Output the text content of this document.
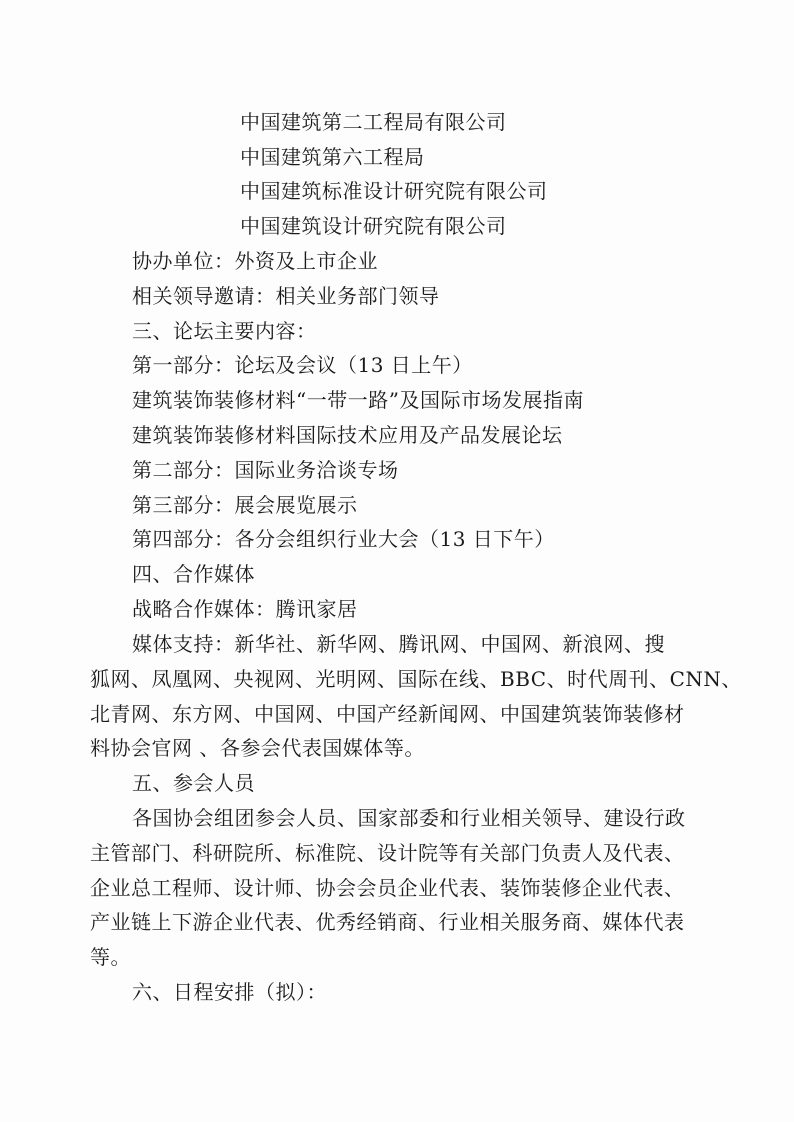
中国建筑第二工程局有限公司
中国建筑第六工程局
中国建筑标准设计研究院有限公司
中国建筑设计研究院有限公司
协办单位：外资及上市企业
相关领导邀请：相关业务部门领导
三、论坛主要内容：
第一部分：论坛及会议（13 日上午）
建筑装饰装修材料“一带一路”及国际市场发展指南
建筑装饰装修材料国际技术应用及产品发展论坛
第二部分：国际业务洽谈专场
第三部分：展会展览展示
第四部分：各分会组织行业大会（13 日下午）
四、合作媒体
战略合作媒体：腾讯家居
媒体支持：新华社、新华网、腾讯网、中国网、新浪网、搜
狐网、凤凰网、央视网、光明网、国际在线、BBC、时代周刊、CNN、
北青网、东方网、中国网、中国产经新闻网、中国建筑装饰装修材
料协会官网 、各参会代表国媒体等。
五、参会人员
各国协会组团参会人员、国家部委和行业相关领导、建设行政
主管部门、科研院所、标准院、设计院等有关部门负责人及代表、
企业总工程师、设计师、协会会员企业代表、装饰装修企业代表、
产业链上下游企业代表、优秀经销商、行业相关服务商、媒体代表
等。
六、日程安排（拟）：
